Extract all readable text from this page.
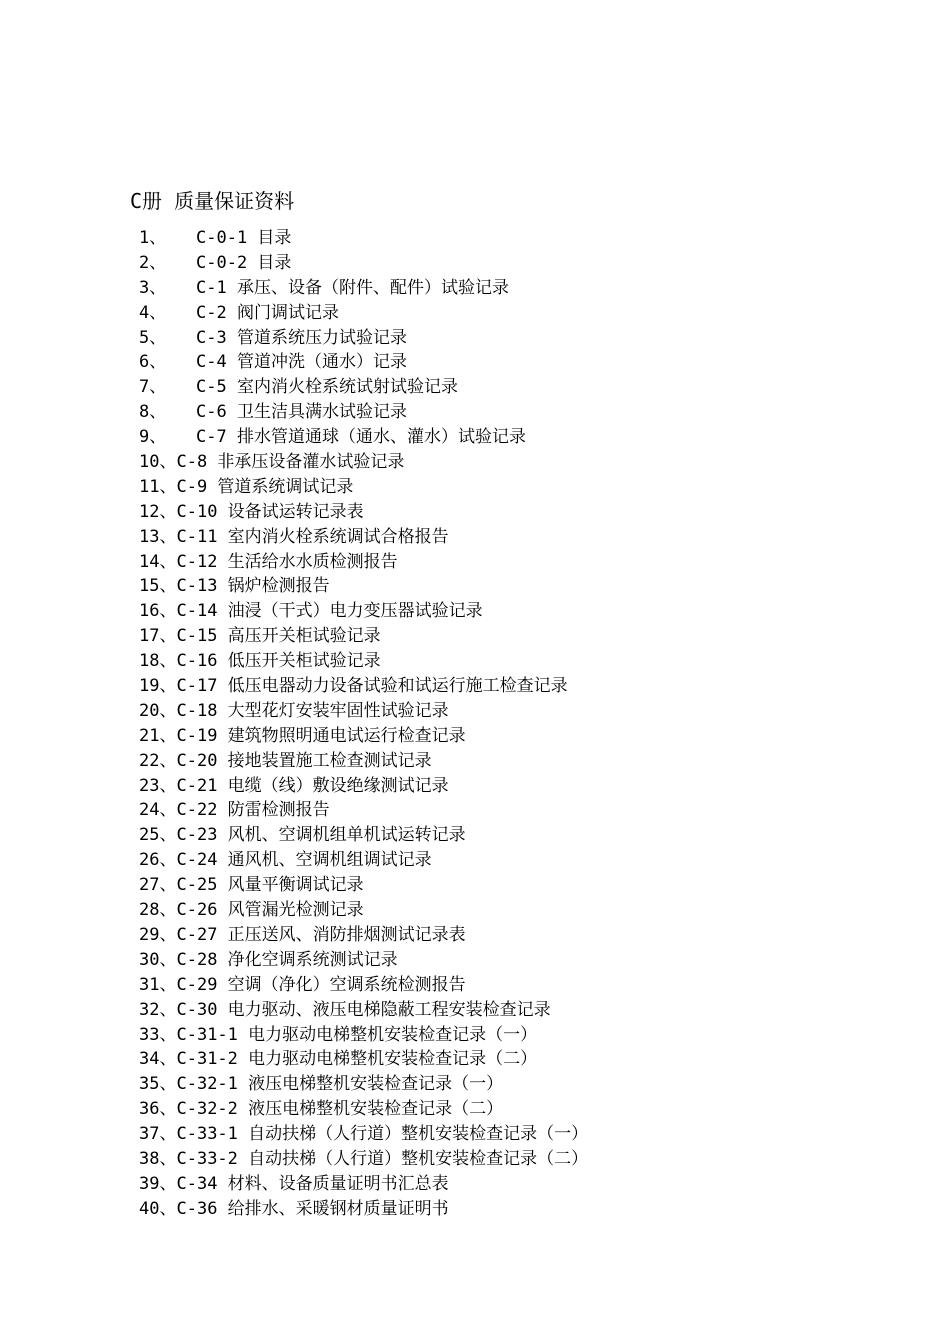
C册 质量保证资料
1、 C-0-1 目录
2、 C-0-2 目录
3、 C-1 承压、设备（附件、配件）试验记录
4、 C-2 阀门调试记录
5、 C-3 管道系统压力试验记录
6、 C-4 管道冲洗（通水）记录
7、 C-5 室内消火栓系统试射试验记录
8、 C-6 卫生洁具满水试验记录
9、 C-7 排水管道通球（通水、灌水）试验记录
10、C-8 非承压设备灌水试验记录
11、C-9 管道系统调试记录
12、C-10 设备试运转记录表
13、C-11 室内消火栓系统调试合格报告
14、C-12 生活给水水质检测报告
15、C-13 锅炉检测报告
16、C-14 油浸（干式）电力变压器试验记录
17、C-15 高压开关柜试验记录
18、C-16 低压开关柜试验记录
19、C-17 低压电器动力设备试验和试运行施工检查记录
20、C-18 大型花灯安装牢固性试验记录
21、C-19 建筑物照明通电试运行检查记录
22、C-20 接地装置施工检查测试记录
23、C-21 电缆（线）敷设绝缘测试记录
24、C-22 防雷检测报告
25、C-23 风机、空调机组单机试运转记录
26、C-24 通风机、空调机组调试记录
27、C-25 风量平衡调试记录
28、C-26 风管漏光检测记录
29、C-27 正压送风、消防排烟测试记录表
30、C-28 净化空调系统测试记录
31、C-29 空调（净化）空调系统检测报告
32、C-30 电力驱动、液压电梯隐蔽工程安装检查记录
33、C-31-1 电力驱动电梯整机安装检查记录（一）
34、C-31-2 电力驱动电梯整机安装检查记录（二）
35、C-32-1 液压电梯整机安装检查记录（一）
36、C-32-2 液压电梯整机安装检查记录（二）
37、C-33-1 自动扶梯（人行道）整机安装检查记录（一）
38、C-33-2 自动扶梯（人行道）整机安装检查记录（二）
39、C-34 材料、设备质量证明书汇总表
40、C-36 给排水、采暖钢材质量证明书
